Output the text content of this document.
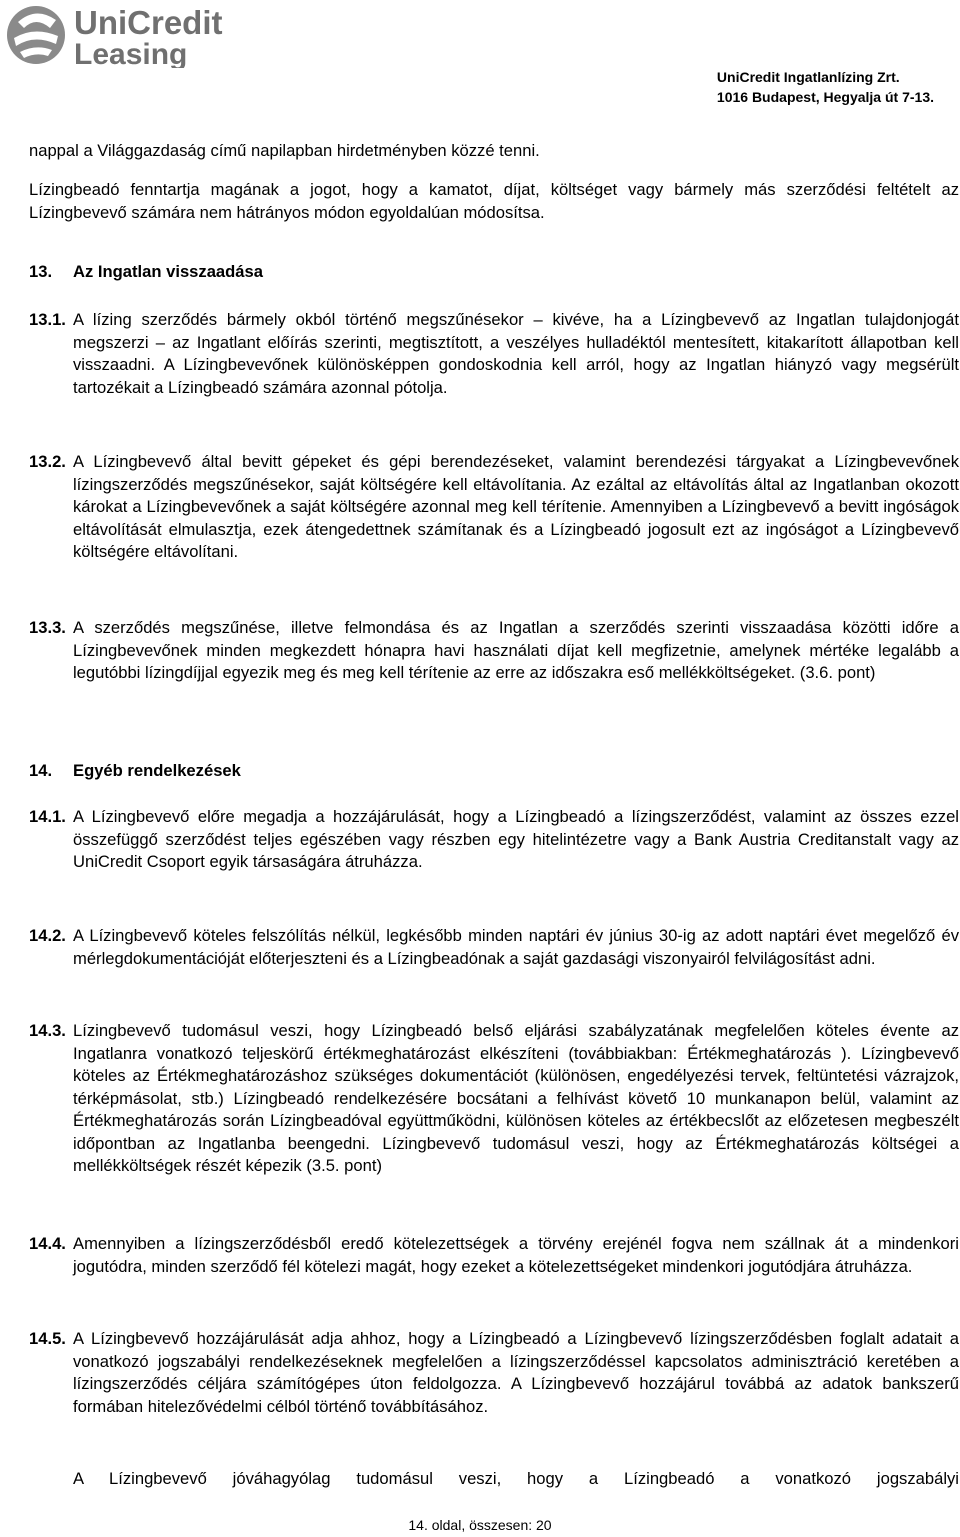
UniCredit
Leasing
UniCredit Ingatlanlízing Zrt.
1016 Budapest, Hegyalja út 7-13.
nappal a Világgazdaság című napilapban hirdetményben közzé tenni.
Lízingbeadó fenntartja magának a jogot, hogy a kamatot, díjat, költséget vagy bármely más szerződési feltételt az Lízingbevevő számára nem hátrányos módon egyoldalúan módosítsa.
13. Az Ingatlan visszaadása
13.1. A lízing szerződés bármely okból történő megszűnésekor – kivéve, ha a Lízingbevevő az Ingatlan tulajdonjogát megszerzi – az Ingatlant előírás szerinti, megtisztított, a veszélyes hulladéktól mentesített, kitakarított állapotban kell visszaadni. A Lízingbevevőnek különösképpen gondoskodnia kell arról, hogy az Ingatlan hiányzó vagy megsérült tartozékait a Lízingbeadó számára azonnal pótolja.
13.2. A Lízingbevevő által bevitt gépeket és gépi berendezéseket, valamint berendezési tárgyakat a Lízingbevevőnek lízingszerződés megszűnésekor, saját költségére kell eltávolítania. Az ezáltal az eltávolítás által az Ingatlanban okozott károkat a Lízingbevevőnek a saját költségére azonnal meg kell térítenie. Amennyiben a Lízingbevevő a bevitt ingóságok eltávolítását elmulasztja, ezek átengedettnek számítanak és a Lízingbeadó jogosult ezt az ingóságot a Lízingbevevő költségére eltávolítani.
13.3. A szerződés megszűnése, illetve felmondása és az Ingatlan a szerződés szerinti visszaadása közötti időre a Lízingbevevőnek minden megkezdett hónapra havi használati díjat kell megfizetnie, amelynek mértéke legalább a legutóbbi lízingdíjjal egyezik meg és meg kell térítenie az erre az időszakra eső mellékköltségeket. (3.6. pont)
14. Egyéb rendelkezések
14.1. A Lízingbevevő előre megadja a hozzájárulását, hogy a Lízingbeadó a lízingszerződést, valamint az összes ezzel összefüggő szerződést teljes egészében vagy részben egy hitelintézetre vagy a Bank Austria Creditanstalt vagy az UniCredit Csoport egyik társaságára átruházza.
14.2. A Lízingbevevő köteles felszólítás nélkül, legkésőbb minden naptári év június 30-ig az adott naptári évet megelőző év mérlegdokumentációját előterjeszteni és a Lízingbeadónak a saját gazdasági viszonyairól felvilágosítást adni.
14.3. Lízingbevevő tudomásul veszi, hogy Lízingbeadó belső eljárási szabályzatának megfelelően köteles évente az Ingatlanra vonatkozó teljeskörű értékmeghatározást elkészíteni (továbbiakban: Értékmeghatározás ). Lízingbevevő köteles az Értékmeghatározáshoz szükséges dokumentációt (különösen, engedélyezési tervek, feltüntetési vázrajzok, térképmásolat, stb.) Lízingbeadó rendelkezésére bocsátani a felhívást követő 10 munkanapon belül, valamint az Értékmeghatározás során Lízingbeadóval együttműködni, különösen köteles az értékbecslőt az előzetesen megbeszélt időpontban az Ingatlanba beengedni. Lízingbevevő tudomásul veszi, hogy az Értékmeghatározás költségei a mellékköltségek részét képezik (3.5. pont)
14.4. Amennyiben a lízingszerződésből eredő kötelezettségek a törvény erejénél fogva nem szállnak át a mindenkori jogutódra, minden szerződő fél kötelezi magát, hogy ezeket a kötelezettségeket mindenkori jogutódjára átruházza.
14.5. A Lízingbevevő hozzájárulását adja ahhoz, hogy a Lízingbeadó a Lízingbevevő lízingszerződésben foglalt adatait a vonatkozó jogszabályi rendelkezéseknek megfelelően a lízingszerződéssel kapcsolatos adminisztráció keretében a lízingszerződés céljára számítógépes úton feldolgozza. A Lízingbevevő hozzájárul továbbá az adatok bankszerű formában hitelezővédelmi célból történő továbbításához.
A Lízingbevevő jóváhagyólag tudomásul veszi, hogy a Lízingbeadó a vonatkozó jogszabályi
14. oldal, összesen: 20
